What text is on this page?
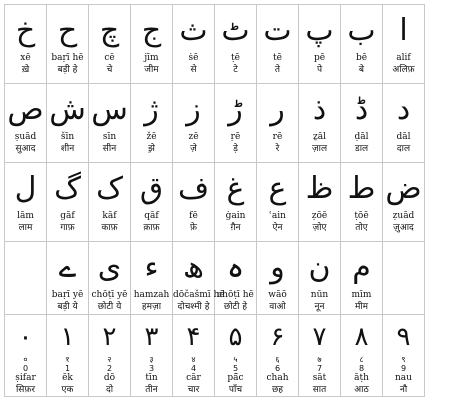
خ
xē
ख़े	ح
baṛī hē
बड़ी हे	چ
cē
चे	ج
jīm
जीम	ث
ṡē
से	ٹ
ṭē
टे	ت
tē
ते	پ
pē
पे	ب
bē
बे	ا
alif
अलिफ़

ص
ṣuād
सुआद	ش
šīn
शीन	س
sīn
सीन	ژ
žē
झ़े	ز
zē
ज़े	ڑ
ṛē
ड़े	ر
rē
रे	ذ
ẕāl
ज़ाल	ڈ
ḍāl
डाल	د
dāl
दाल

ل
lām
लाम	گ
gāf
गाफ़	ک
kāf
काफ़	ق
qāf
क़ाफ़	ف
fē
फ़े	غ
ġain
ग़ैन	ع
ʿain
ऐन	ظ
ẓōē
ज़ोए	ط
ṭōē
तोए	ض
ẓuād
ज़ुआद

	ے
baṛī yē
बड़ी ये	ی
chōṭī yē
छोटी ये	ء
hamzah
हमज़ा	ھ
dōčašmī hē
दोचश्मी हे	ہ
chōṭī hē
छोटी हे	و
wāō
वाओ	ن
nūn
नून	م
mīm
मीम	

٠
०
0
ṣifar
सिफ़र	١
१
1
ēk
एक	٢
२
2
dō
दो	٣
३
3
tīn
तीन	۴
४
4
cār
चार	۵
५
5
pā̃c
पाँच	۶
६
6
chah
छह	۷
७
7
sāt
सात	۸
८
8
āṭh
आठ	۹
९
9
nau
नौ
